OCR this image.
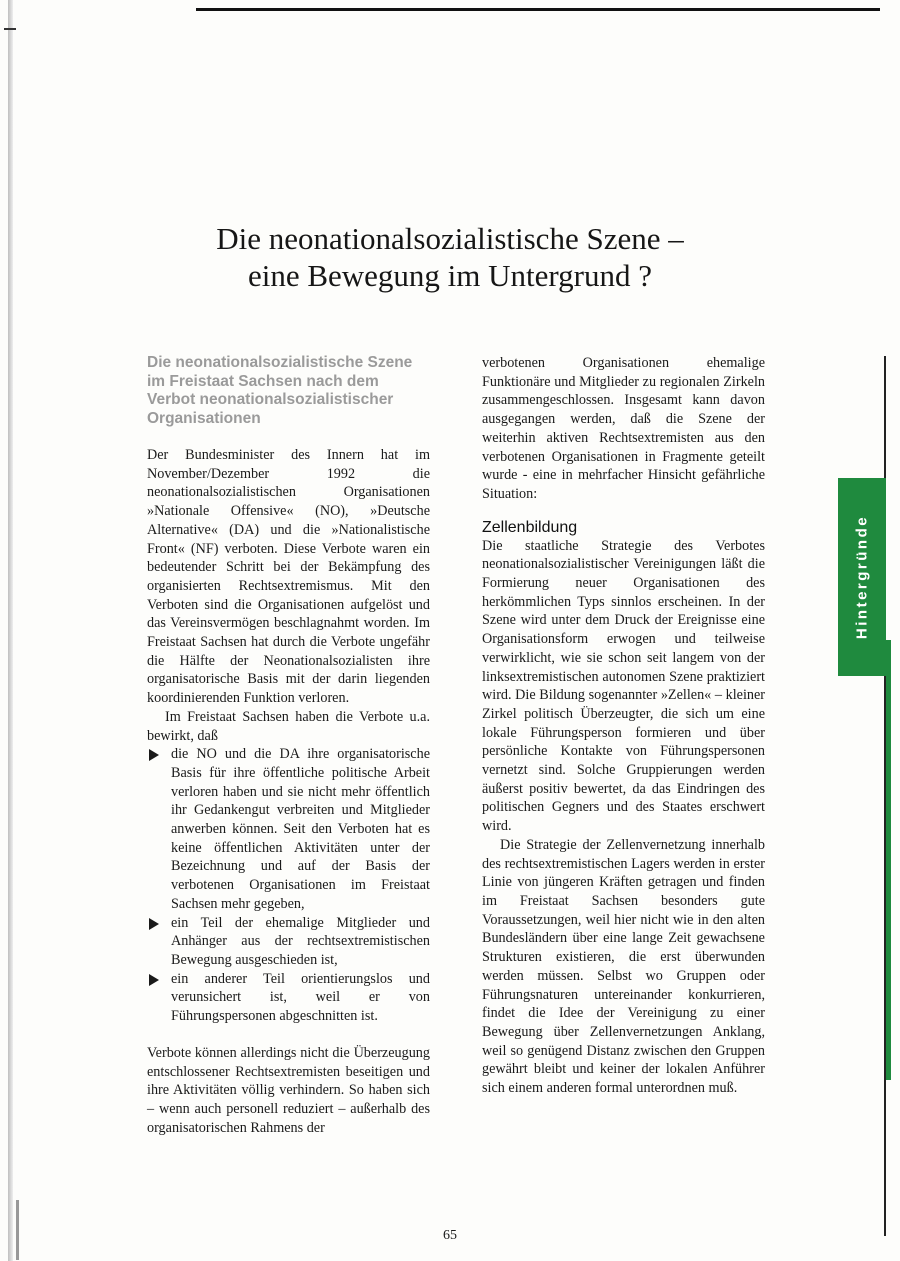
Hintergründe
Die neonationalsozialistische Szene –
eine Bewegung im Untergrund ?
Die neonationalsozialistische Szene im Freistaat Sachsen nach dem Verbot neonationalsozialistischer Organisationen

Der Bundesminister des Innern hat im November/Dezember 1992 die neonationalsozialistischen Organisationen »Nationale Offensive« (NO), »Deutsche Alternative« (DA) und die »Nationalistische Front« (NF) verboten. Diese Verbote waren ein bedeutender Schritt bei der Bekämpfung des organisierten Rechtsextremismus. Mit den Verboten sind die Organisationen aufgelöst und das Vereinsvermögen beschlagnahmt worden. Im Freistaat Sachsen hat durch die Verbote ungefähr die Hälfte der Neonationalsozialisten ihre organisatorische Basis mit der darin liegenden koordinierenden Funktion verloren.

Im Freistaat Sachsen haben die Verbote u.a. bewirkt, daß

die NO und die DA ihre organisatorische Basis für ihre öffentliche politische Arbeit verloren haben und sie nicht mehr öffentlich ihr Gedankengut verbreiten und Mitglieder anwerben können. Seit den Verboten hat es keine öffentlichen Aktivitäten unter der Bezeichnung und auf der Basis der verbotenen Organisationen im Freistaat Sachsen mehr gegeben,
ein Teil der ehemalige Mitglieder und Anhänger aus der rechtsextremistischen Bewegung ausgeschieden ist,
ein anderer Teil orientierungslos und verunsichert ist, weil er von Führungspersonen abgeschnitten ist.

Verbote können allerdings nicht die Überzeugung entschlossener Rechtsextremisten beseitigen und ihre Aktivitäten völlig verhindern. So haben sich – wenn auch personell reduziert – außerhalb des organisatorischen Rahmens der

verbotenen Organisationen ehemalige Funktionäre und Mitglieder zu regionalen Zirkeln zusammengeschlossen. Insgesamt kann davon ausgegangen werden, daß die Szene der weiterhin aktiven Rechtsextremisten aus den verbotenen Organisationen in Fragmente geteilt wurde - eine in mehrfacher Hinsicht gefährliche Situation:

Zellenbildung

Die staatliche Strategie des Verbotes neonationalsozialistischer Vereinigungen läßt die Formierung neuer Organisationen des herkömmlichen Typs sinnlos erscheinen. In der Szene wird unter dem Druck der Ereignisse eine Organisationsform erwogen und teilweise verwirklicht, wie sie schon seit langem von der linksextremistischen autonomen Szene praktiziert wird. Die Bildung sogenannter »Zellen« – kleiner Zirkel politisch Überzeugter, die sich um eine lokale Führungsperson formieren und über persönliche Kontakte von Führungspersonen vernetzt sind. Solche Gruppierungen werden äußerst positiv bewertet, da das Eindringen des politischen Gegners und des Staates erschwert wird.

Die Strategie der Zellenvernetzung innerhalb des rechtsextremistischen Lagers werden in erster Linie von jüngeren Kräften getragen und finden im Freistaat Sachsen besonders gute Voraussetzungen, weil hier nicht wie in den alten Bundesländern über eine lange Zeit gewachsene Strukturen existieren, die erst überwunden werden müssen. Selbst wo Gruppen oder Führungsnaturen untereinander konkurrieren, findet die Idee der Vereinigung zu einer Bewegung über Zellenvernetzungen Anklang, weil so genügend Distanz zwischen den Gruppen gewährt bleibt und keiner der lokalen Anführer sich einem anderen formal unterordnen muß.

65
